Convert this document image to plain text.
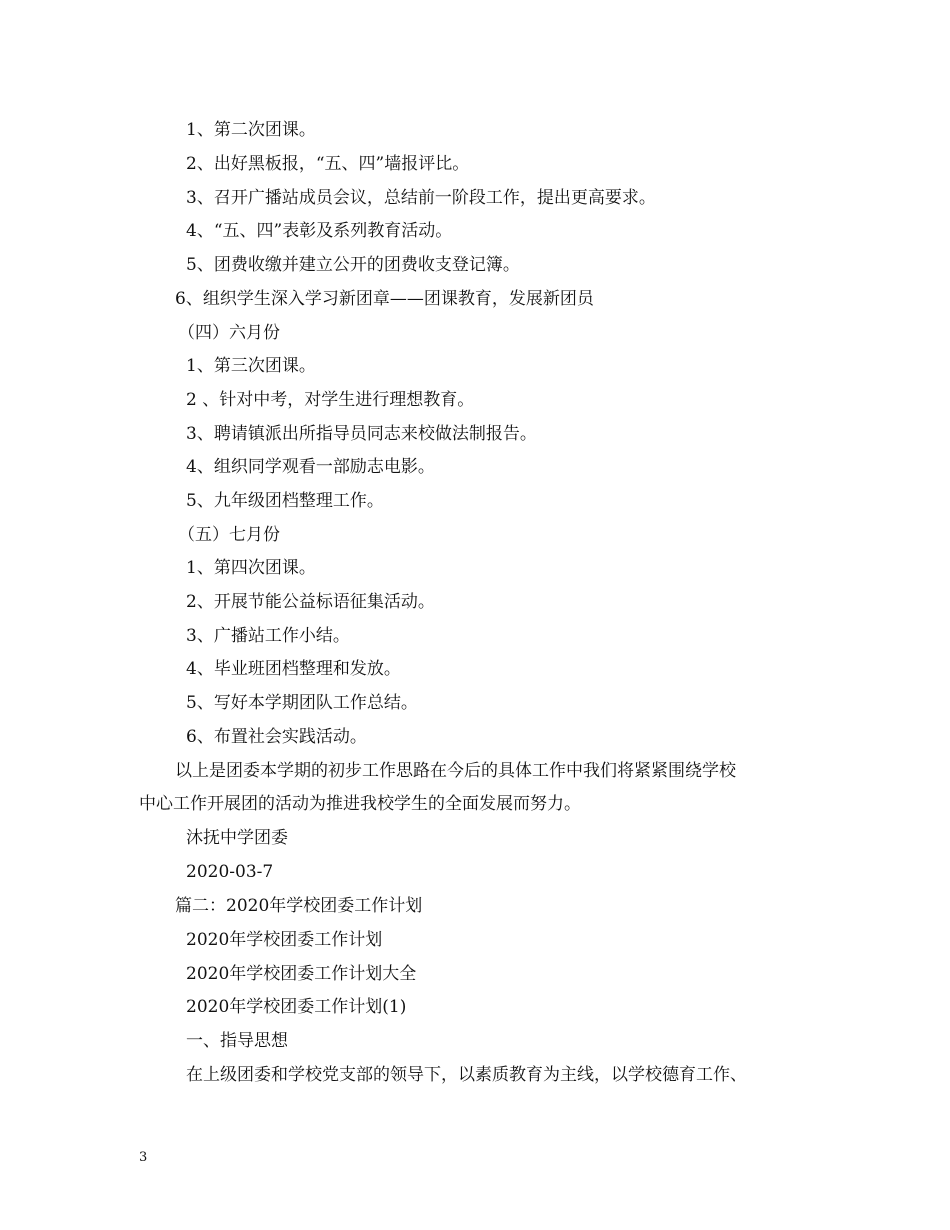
1、第二次团课。
2、出好黑板报，“五、四”墙报评比。
3、召开广播站成员会议，总结前一阶段工作，提出更高要求。
4、“五、四”表彰及系列教育活动。
5、团费收缴并建立公开的团费收支登记簿。
6、组织学生深入学习新团章——团课教育，发展新团员
（四）六月份
1、第三次团课。
2 、针对中考，对学生进行理想教育。
3、聘请镇派出所指导员同志来校做法制报告。
4、组织同学观看一部励志电影。
5、九年级团档整理工作。
（五）七月份
1、第四次团课。
2、开展节能公益标语征集活动。
3、广播站工作小结。
4、毕业班团档整理和发放。
5、写好本学期团队工作总结。
6、布置社会实践活动。
以上是团委本学期的初步工作思路在今后的具体工作中我们将紧紧围绕学校
中心工作开展团的活动为推进我校学生的全面发展而努力。
沐抚中学团委
2020-03-7
篇二：2020年学校团委工作计划
2020年学校团委工作计划
2020年学校团委工作计划大全
2020年学校团委工作计划(1)
一、指导思想
在上级团委和学校党支部的领导下，以素质教育为主线，以学校德育工作、
3
